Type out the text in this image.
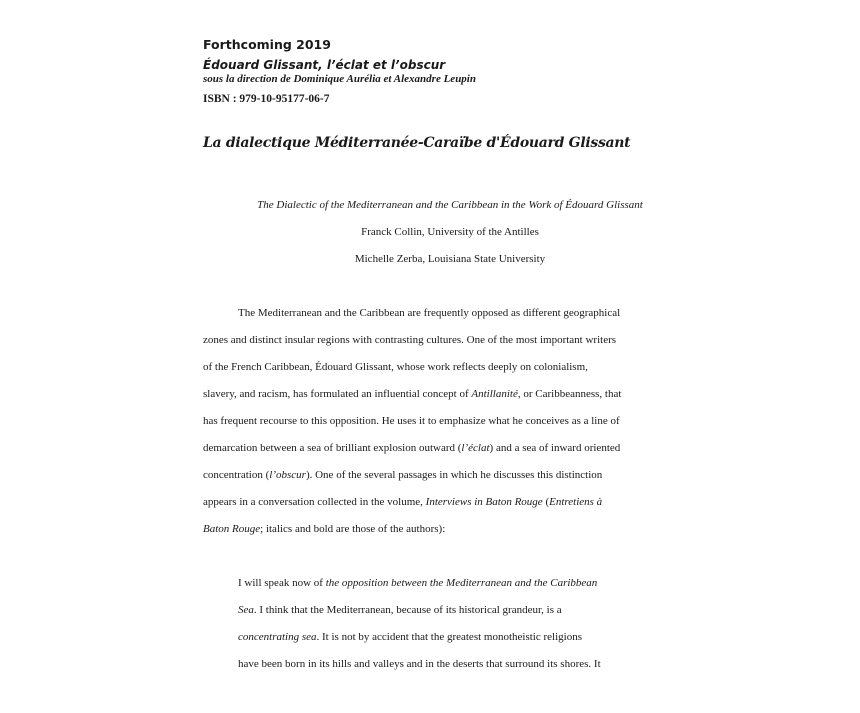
Forthcoming 2019
Édouard Glissant, l’éclat et l’obscur
sous la direction de Dominique Aurélia et Alexandre Leupin
ISBN : 979-10-95177-06-7
La dialectique Méditerranée-Caraïbe d'Édouard Glissant
The Dialectic of the Mediterranean and the Caribbean in the Work of Édouard Glissant
Franck Collin, University of the Antilles
Michelle Zerba, Louisiana State University
The Mediterranean and the Caribbean are frequently opposed as different geographical
zones and distinct insular regions with contrasting cultures. One of the most important writers
of the French Caribbean, Édouard Glissant, whose work reflects deeply on colonialism,
slavery, and racism, has formulated an influential concept of Antillanité, or Caribbeanness, that
has frequent recourse to this opposition. He uses it to emphasize what he conceives as a line of
demarcation between a sea of brilliant explosion outward (l’éclat) and a sea of inward oriented
concentration (l’obscur). One of the several passages in which he discusses this distinction
appears in a conversation collected in the volume, Interviews in Baton Rouge (Entretiens à
Baton Rouge; italics and bold are those of the authors):
I will speak now of the opposition between the Mediterranean and the Caribbean
Sea. I think that the Mediterranean, because of its historical grandeur, is a
concentrating sea. It is not by accident that the greatest monotheistic religions
have been born in its hills and valleys and in the deserts that surround its shores. It
